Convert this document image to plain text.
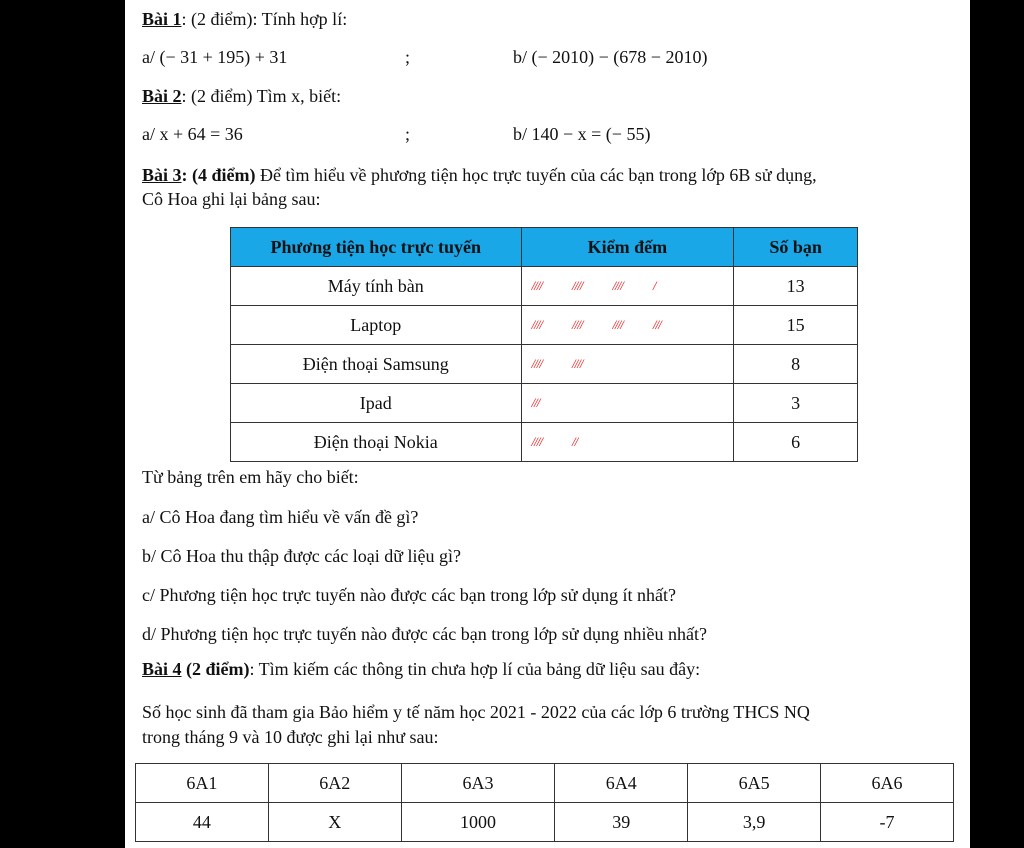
Bài 1: (2 điểm): Tính hợp lí:
a/ (− 31 + 195) + 31	;	b/ (− 2010) − (678 − 2010)
Bài 2: (2 điểm) Tìm x, biết:
a/ x + 64 = 36	;	b/ 140 − x = (− 55)
Bài 3: (4 điểm) Để tìm hiểu về phương tiện học trực tuyến của các bạn trong lớp 6B sử dụng,
Cô Hoa ghi lại bảng sau:
Phương tiện học trực tuyến	Kiểm đếm	Số bạn
Máy tính bàn	//// //// //// /	13
Laptop	//// //// //// ///	15
Điện thoại Samsung	//// ////	8
Ipad	///	3
Điện thoại Nokia	//// //	6
Từ bảng trên em hãy cho biết:
a/ Cô Hoa đang tìm hiểu về vấn đề gì?
b/ Cô Hoa thu thập được các loại dữ liệu gì?
c/ Phương tiện học trực tuyến nào được các bạn trong lớp sử dụng ít nhất?
d/ Phương tiện học trực tuyến nào được các bạn trong lớp sử dụng nhiều nhất?
Bài 4 (2 điểm): Tìm kiếm các thông tin chưa hợp lí của bảng dữ liệu sau đây:
Số học sinh đã tham gia Bảo hiểm y tế năm học 2021 - 2022 của các lớp 6 trường THCS NQ
trong tháng 9 và 10 được ghi lại như sau:
6A1	6A2	6A3	6A4	6A5	6A6
44	X	1000	39	3,9	-7
